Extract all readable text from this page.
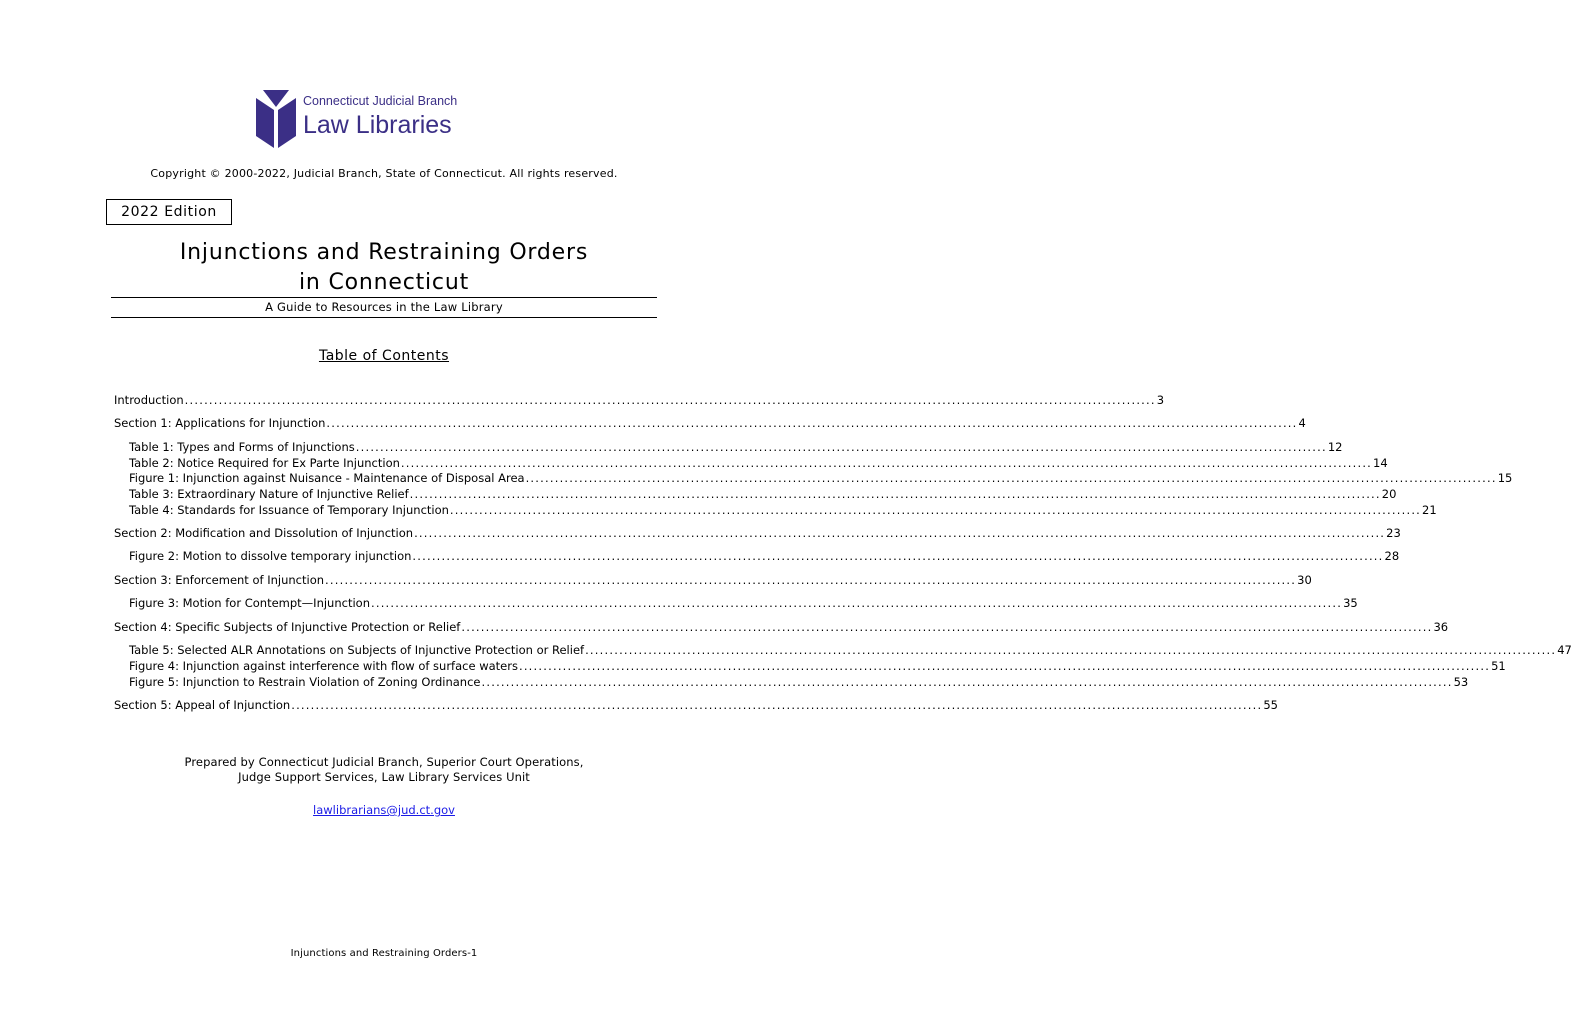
Connecticut Judicial Branch
Law Libraries
Copyright © 2000-2022, Judicial Branch, State of Connecticut. All rights reserved.
2022 Edition
Injunctions and Restraining Orders
in Connecticut
A Guide to Resources in the Law Library
Table of Contents
Introduction ........................................................................................................................................................................................................ 3
Section 1: Applications for Injunction ........................................................................................................................................................................................................ 4
Table 1: Types and Forms of Injunctions ........................................................................................................................................................................................................ 12
Table 2: Notice Required for Ex Parte Injunction ........................................................................................................................................................................................................ 14
Figure 1: Injunction against Nuisance - Maintenance of Disposal Area ........................................................................................................................................................................................................ 15
Table 3: Extraordinary Nature of Injunctive Relief ........................................................................................................................................................................................................ 20
Table 4: Standards for Issuance of Temporary Injunction ........................................................................................................................................................................................................ 21
Section 2: Modification and Dissolution of Injunction ........................................................................................................................................................................................................ 23
Figure 2: Motion to dissolve temporary injunction ........................................................................................................................................................................................................ 28
Section 3: Enforcement of Injunction ........................................................................................................................................................................................................ 30
Figure 3: Motion for Contempt—Injunction ........................................................................................................................................................................................................ 35
Section 4: Specific Subjects of Injunctive Protection or Relief ........................................................................................................................................................................................................ 36
Table 5: Selected ALR Annotations on Subjects of Injunctive Protection or Relief ........................................................................................................................................................................................................ 47
Figure 4: Injunction against interference with flow of surface waters ........................................................................................................................................................................................................ 51
Figure 5: Injunction to Restrain Violation of Zoning Ordinance ........................................................................................................................................................................................................ 53
Section 5: Appeal of Injunction ........................................................................................................................................................................................................ 55
Prepared by Connecticut Judicial Branch, Superior Court Operations,
Judge Support Services, Law Library Services Unit
lawlibrarians@jud.ct.gov
Injunctions and Restraining Orders-1
